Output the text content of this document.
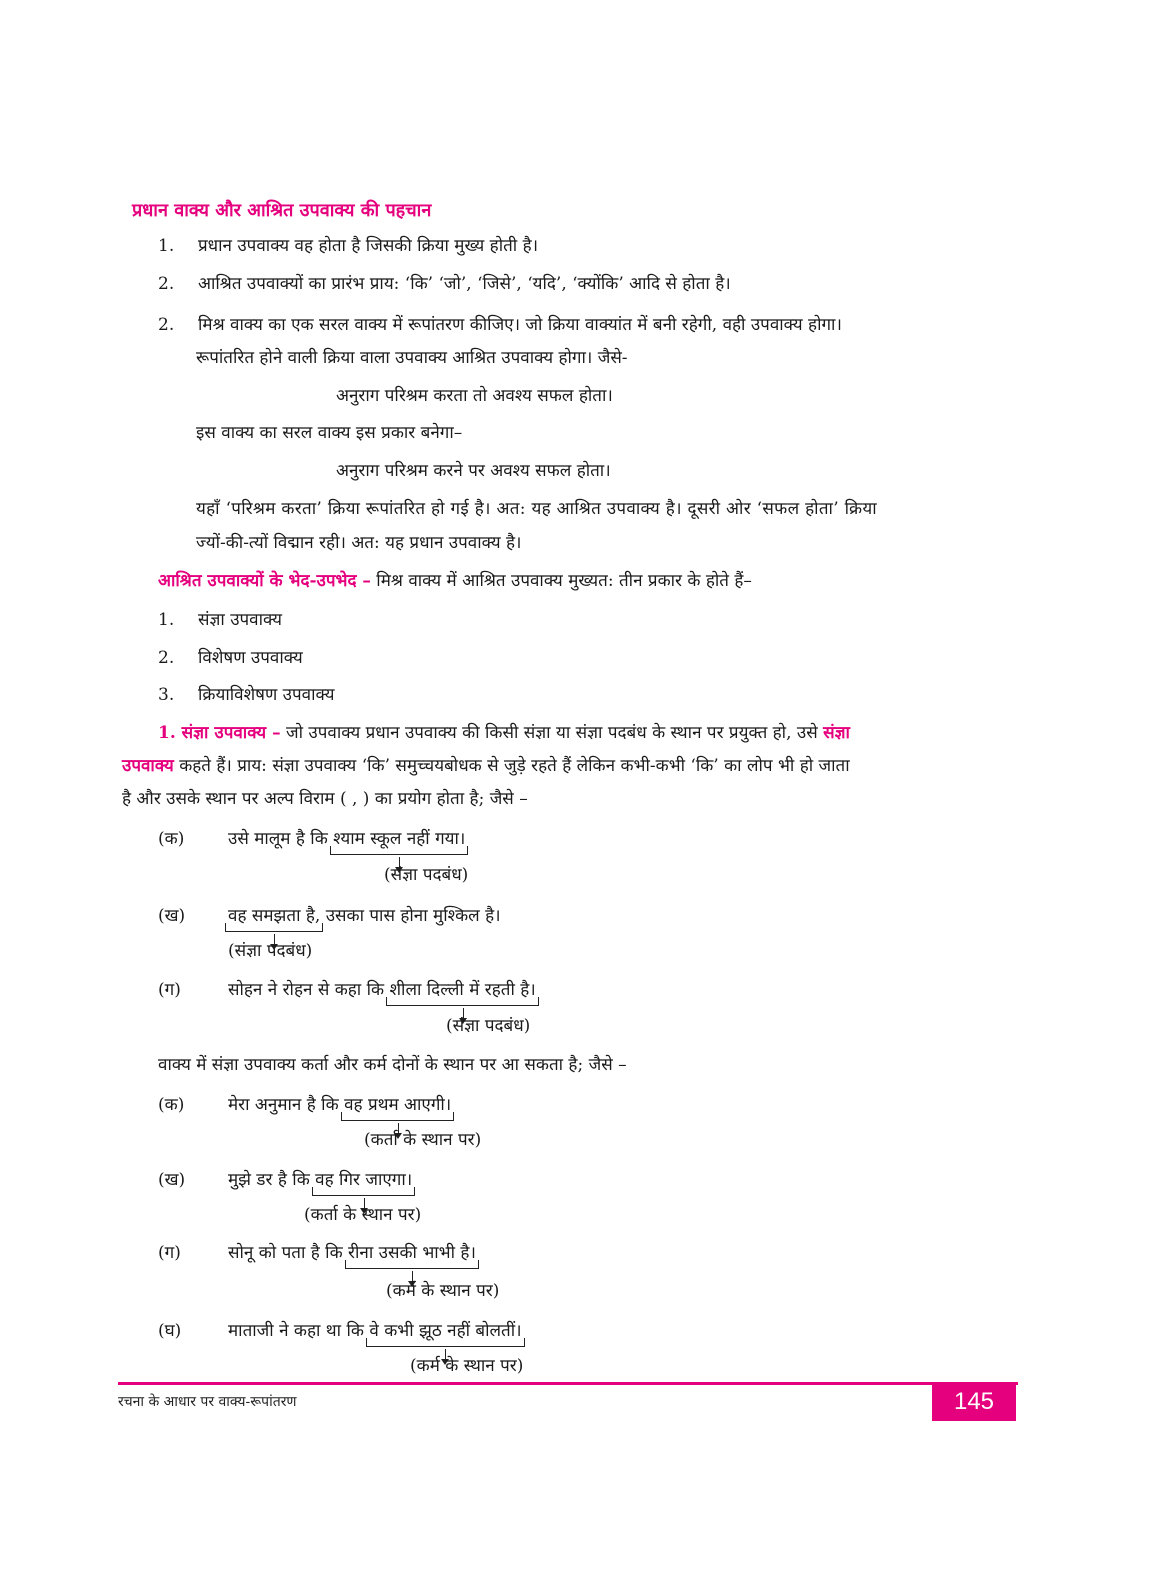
प्रधान वाक्य और आश्रित उपवाक्य की पहचान
1. प्रधान उपवाक्य वह होता है जिसकी क्रिया मुख्य होती है।
2. आश्रित उपवाक्यों का प्रारंभ प्राय: ‘कि’ ‘जो’, ‘जिसे’, ‘यदि’, ‘क्योंकि’ आदि से होता है।
2. मिश्र वाक्य का एक सरल वाक्य में रूपांतरण कीजिए। जो क्रिया वाक्यांत में बनी रहेगी, वही उपवाक्य होगा।
रूपांतरित होने वाली क्रिया वाला उपवाक्य आश्रित उपवाक्य होगा। जैसे-
अनुराग परिश्रम करता तो अवश्य सफल होता।
इस वाक्य का सरल वाक्य इस प्रकार बनेगा–
अनुराग परिश्रम करने पर अवश्य सफल होता।
यहाँ ‘परिश्रम करता’ क्रिया रूपांतरित हो गई है। अत: यह आश्रित उपवाक्य है। दूसरी ओर ‘सफल होता’ क्रिया
ज्यों-की-त्यों विद्मान रही। अत: यह प्रधान उपवाक्य है।
आश्रित उपवाक्यों के भेद-उपभेद – मिश्र वाक्य में आश्रित उपवाक्य मुख्यत: तीन प्रकार के होते हैं–
1. संज्ञा उपवाक्य
2. विशेषण उपवाक्य
3. क्रियाविशेषण उपवाक्य
1. संज्ञा उपवाक्य – जो उपवाक्य प्रधान उपवाक्य की किसी संज्ञा या संज्ञा पदबंध के स्थान पर प्रयुक्त हो, उसे संज्ञा
उपवाक्य कहते हैं। प्राय: संज्ञा उपवाक्य ‘कि’ समुच्चयबोधक से जुड़े रहते हैं लेकिन कभी-कभी ‘कि’ का लोप भी हो जाता
है और उसके स्थान पर अल्प विराम ( , ) का प्रयोग होता है; जैसे –
(क)	उसे मालूम है कि श्याम स्कूल नहीं गया।
(संज्ञा पदबंध)
(ख)	वह समझता है,
उसका पास होना मुश्किल है।
(संज्ञा पदबंध)
(ग)	सोहन ने रोहन से कहा कि शीला दिल्ली में रहती है।
(संज्ञा पदबंध)
वाक्य में संज्ञा उपवाक्य कर्ता और कर्म दोनों के स्थान पर आ सकता है; जैसे –
(क)	मेरा अनुमान है कि वह प्रथम आएगी।
(कर्ता के स्थान पर)
(ख)	मुझे डर है कि वह गिर जाएगा।
(कर्ता के स्थान पर)
(ग)	सोनू को पता है कि रीना उसकी भाभी है।
(कर्म के स्थान पर)
(घ)	माताजी ने कहा था कि वे कभी झूठ नहीं बोलतीं।
(कर्म के स्थान पर)
रचना के आधार पर वाक्य-रूपांतरण	145
